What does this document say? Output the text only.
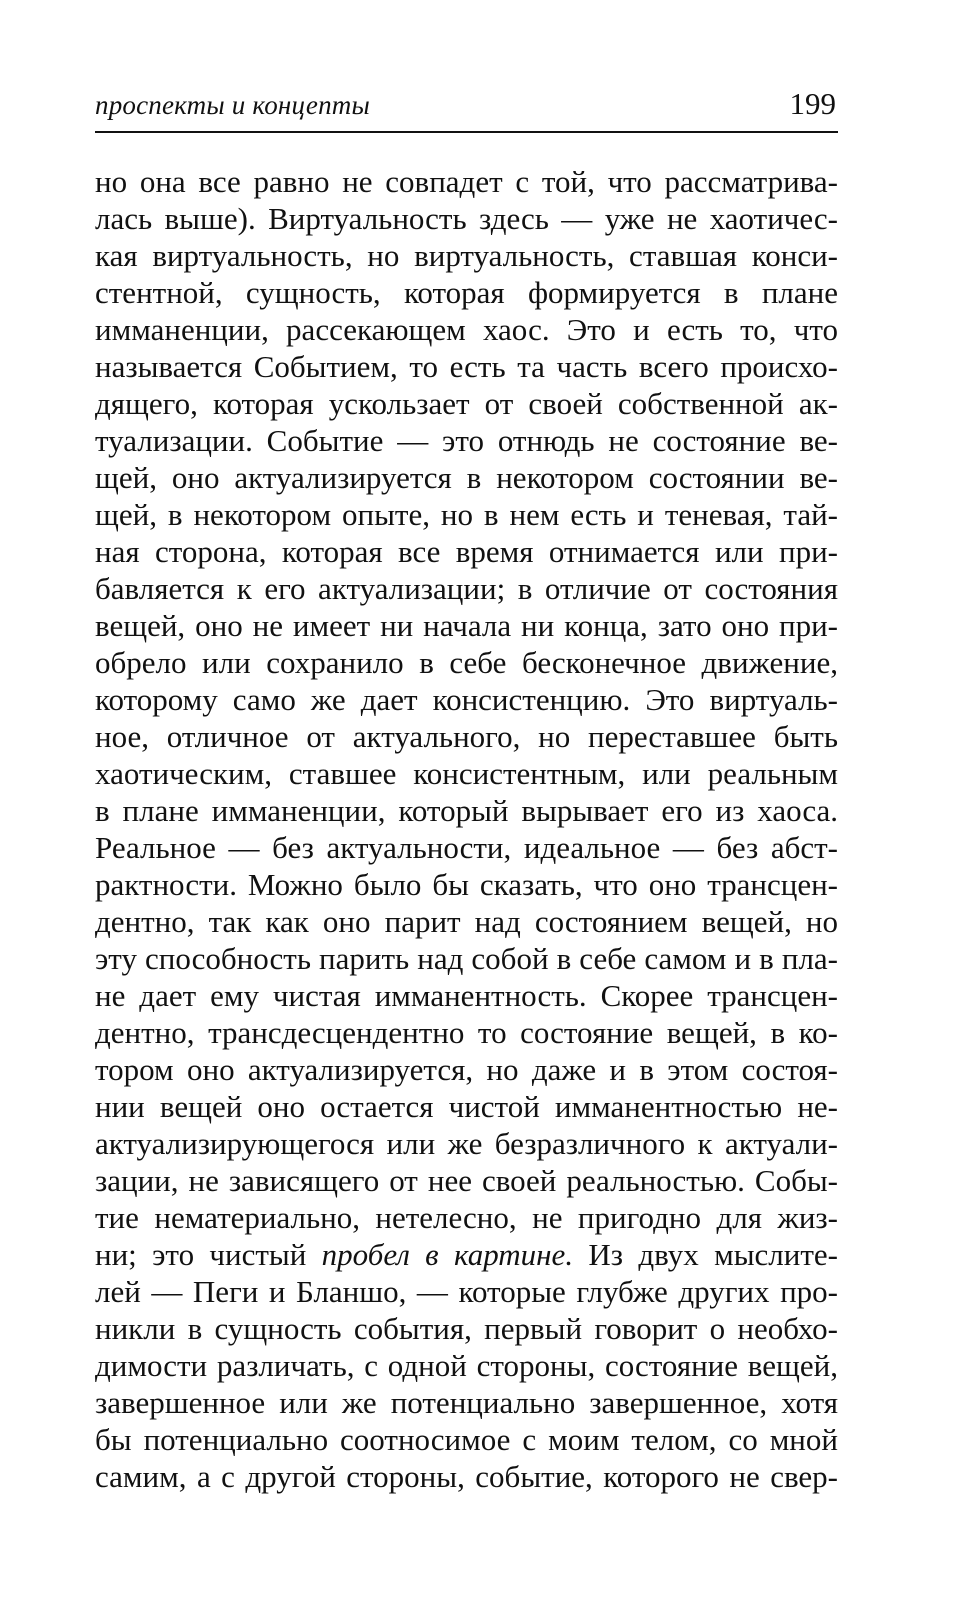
проспекты и концепты	199
но она все равно не совпадет с той, что рассматрива-
лась выше). Виртуальность здесь — уже не хаотичес-
кая виртуальность, но виртуальность, ставшая конси-
стентной, сущность, которая формируется в плане
имманенции, рассекающем хаос. Это и есть то, что
называется Событием, то есть та часть всего происхо-
дящего, которая ускользает от своей собственной ак-
туализации. Событие — это отнюдь не состояние ве-
щей, оно актуализируется в некотором состоянии ве-
щей, в некотором опыте, но в нем есть и теневая, тай-
ная сторона, которая все время отнимается или при-
бавляется к его актуализации; в отличие от состояния
вещей, оно не имеет ни начала ни конца, зато оно при-
обрело или сохранило в себе бесконечное движение,
которому само же дает консистенцию. Это виртуаль-
ное, отличное от актуального, но переставшее быть
хаотическим, ставшее консистентным, или реальным
в плане имманенции, который вырывает его из хаоса.
Реальное — без актуальности, идеальное — без абст-
рактности. Можно было бы сказать, что оно трансцен-
дентно, так как оно парит над состоянием вещей, но
эту способность парить над собой в себе самом и в пла-
не дает ему чистая имманентность. Скорее трансцен-
дентно, трансдесцендентно то состояние вещей, в ко-
тором оно актуализируется, но даже и в этом состоя-
нии вещей оно остается чистой имманентностью не-
актуализирующегося или же безразличного к актуали-
зации, не зависящего от нее своей реальностью. Собы-
тие нематериально, нетелесно, не пригодно для жиз-
ни; это чистый пробел в картине. Из двух мыслите-
лей — Пеги и Бланшо, — которые глубже других про-
никли в сущность события, первый говорит о необхо-
димости различать, с одной стороны, состояние вещей,
завершенное или же потенциально завершенное, хотя
бы потенциально соотносимое с моим телом, со мной
самим, а с другой стороны, событие, которого не свер-
